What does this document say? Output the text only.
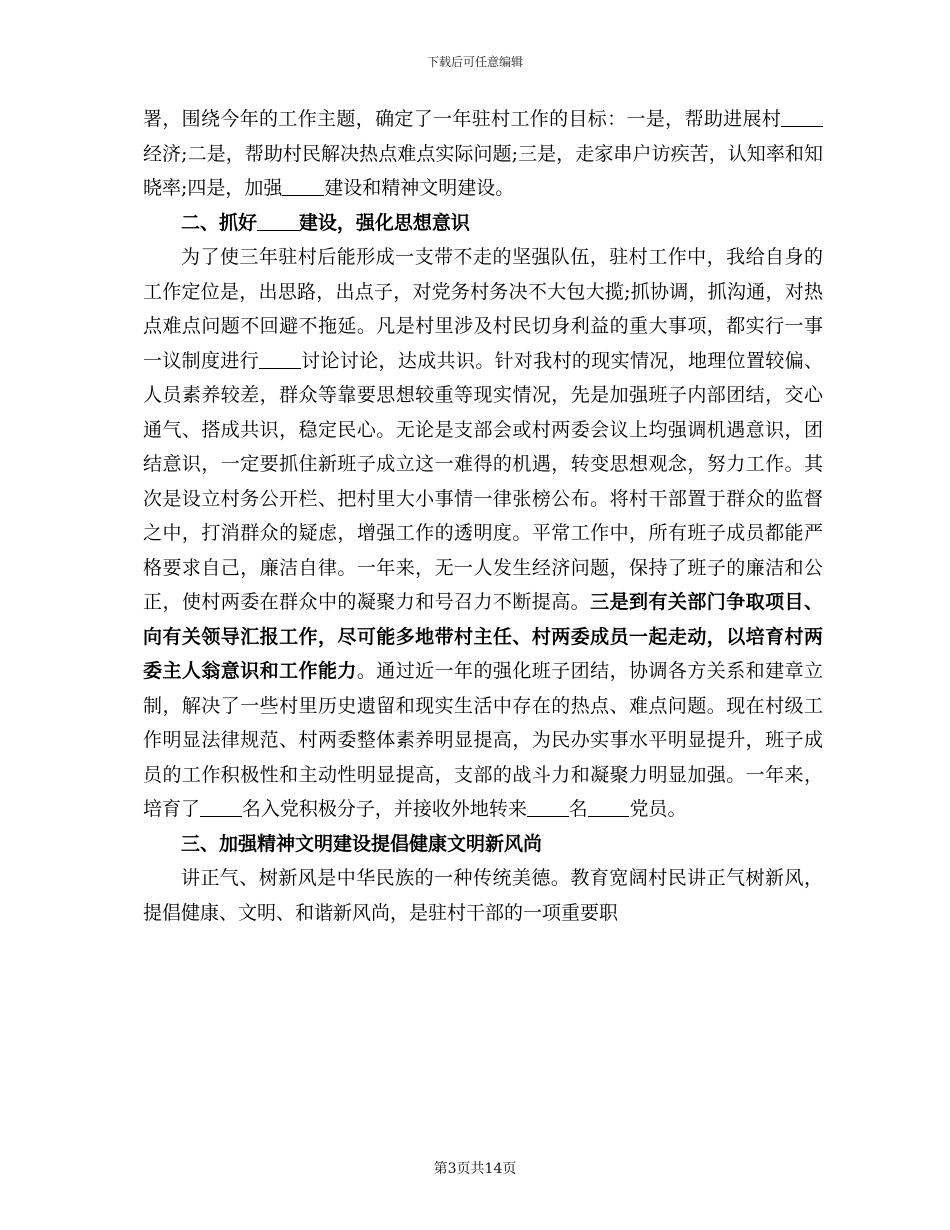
下载后可任意编辑

署，围绕今年的工作主题，确定了一年驻村工作的目标：一是，帮助进展村经济;二是，帮助村民解决热点难点实际问题;三是，走家串户访疾苦，认知率和知晓率;四是，加强 建设和精神文明建设。

二、抓好 建设，强化思想意识

为了使三年驻村后能形成一支带不走的坚强队伍，驻村工作中，我给自身的工作定位是，出思路，出点子，对党务村务决不大包大揽;抓协调，抓沟通，对热点难点问题不回避不拖延。凡是村里涉及村民切身利益的重大事项，都实行一事一议制度进行 讨论讨论，达成共识。针对我村的现实情况，地理位置较偏、人员素养较差，群众等靠要思想较重等现实情况，先是加强班子内部团结，交心通气、搭成共识，稳定民心。无论是支部会或村两委会议上均强调机遇意识，团结意识，一定要抓住新班子成立这一难得的机遇，转变思想观念，努力工作。其次是设立村务公开栏、把村里大小事情一律张榜公布。将村干部置于群众的监督之中，打消群众的疑虑，增强工作的透明度。平常工作中，所有班子成员都能严格要求自己，廉洁自律。一年来，无一人发生经济问题，保持了班子的廉洁和公正，使村两委在群众中的凝聚力和号召力不断提高。三是到有关部门争取项目、向有关领导汇报工作，尽可能多地带村主任、村两委成员一起走动，以培育村两委主人翁意识和工作能力。通过近一年的强化班子团结，协调各方关系和建章立制，解决了一些村里历史遗留和现实生活中存在的热点、难点问题。现在村级工作明显法律规范、村两委整体素养明显提高，为民办实事水平明显提升，班子成员的工作积极性和主动性明显提高，支部的战斗力和凝聚力明显加强。一年来，培育了 名入党积极分子，并接收外地转来 名 党员。

三、加强精神文明建设提倡健康文明新风尚

讲正气、树新风是中华民族的一种传统美德。教育宽阔村民讲正气树新风，提倡健康、文明、和谐新风尚，是驻村干部的一项重要职

第3页共14页
